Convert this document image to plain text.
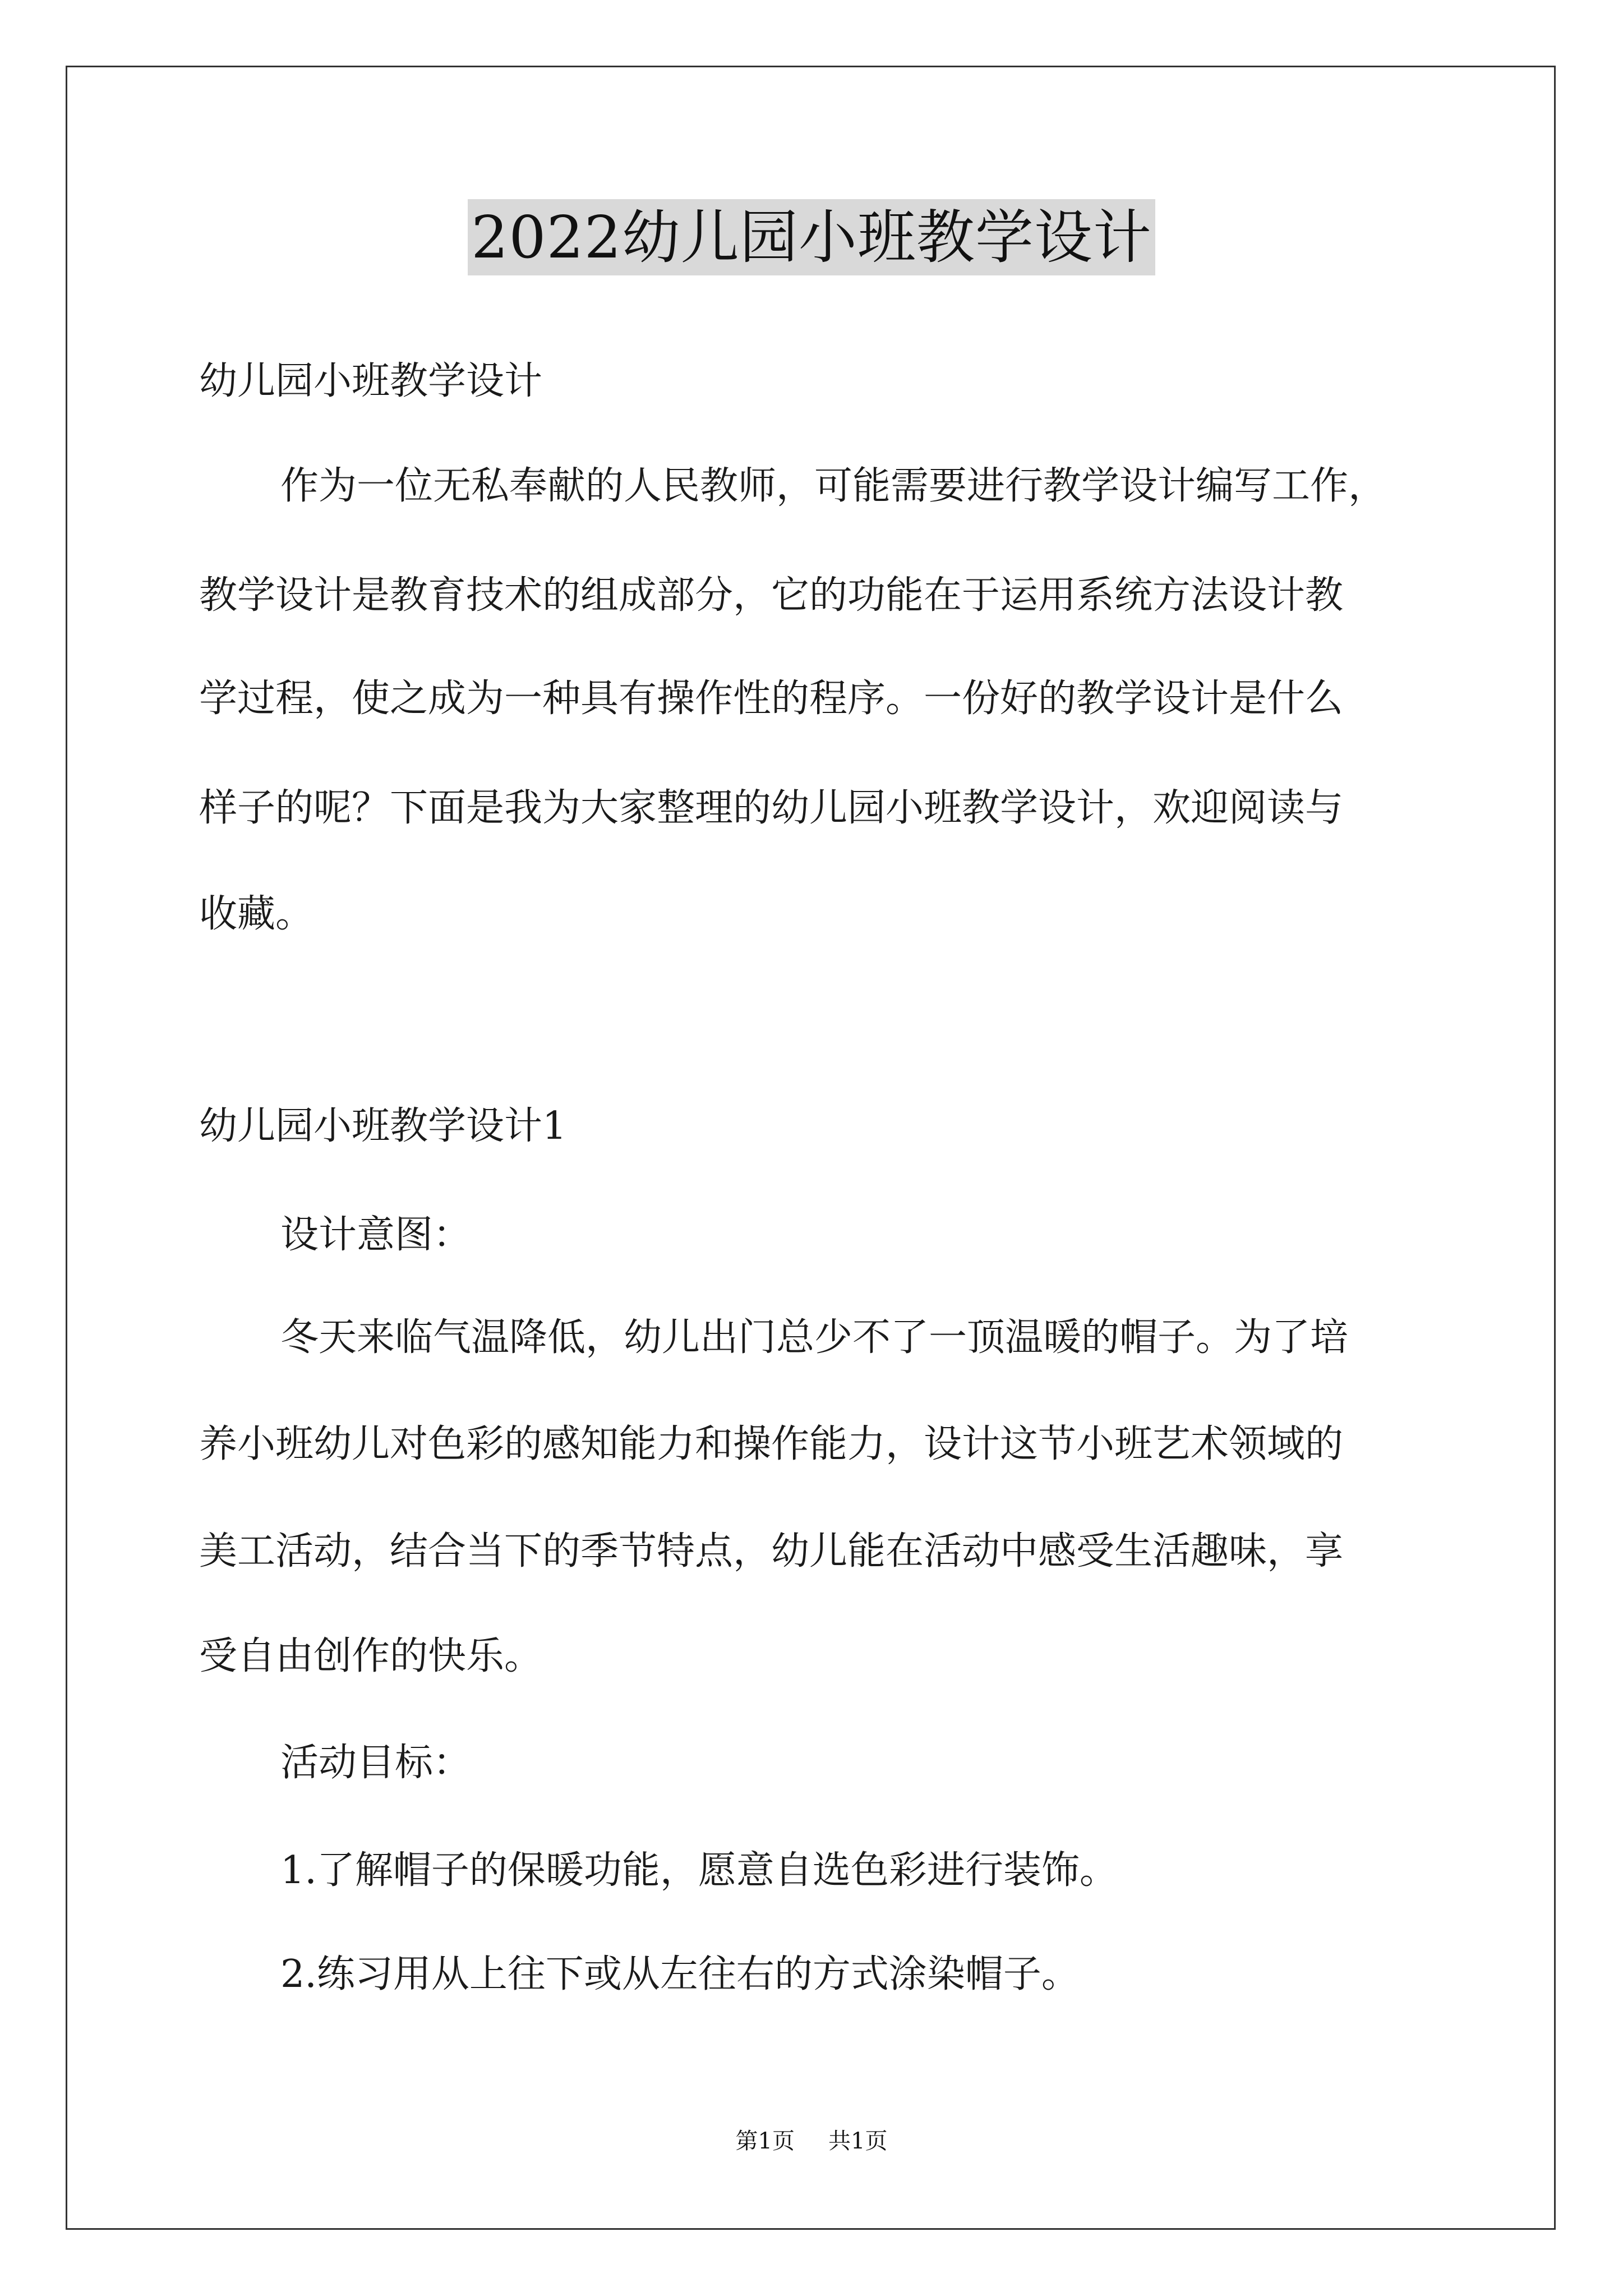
2022幼儿园小班教学设计
幼儿园小班教学设计
作为一位无私奉献的人民教师，可能需要进行教学设计编写工作，
教学设计是教育技术的组成部分，它的功能在于运用系统方法设计教
学过程，使之成为一种具有操作性的程序。一份好的教学设计是什么
样子的呢？下面是我为大家整理的幼儿园小班教学设计，欢迎阅读与
收藏。
幼儿园小班教学设计1
设计意图：
冬天来临气温降低，幼儿出门总少不了一顶温暖的帽子。为了培
养小班幼儿对色彩的感知能力和操作能力，设计这节小班艺术领域的
美工活动，结合当下的季节特点，幼儿能在活动中感受生活趣味，享
受自由创作的快乐。
活动目标：
1.了解帽子的保暖功能，愿意自选色彩进行装饰。
2.练习用从上往下或从左往右的方式涂染帽子。
第1页 共1页
